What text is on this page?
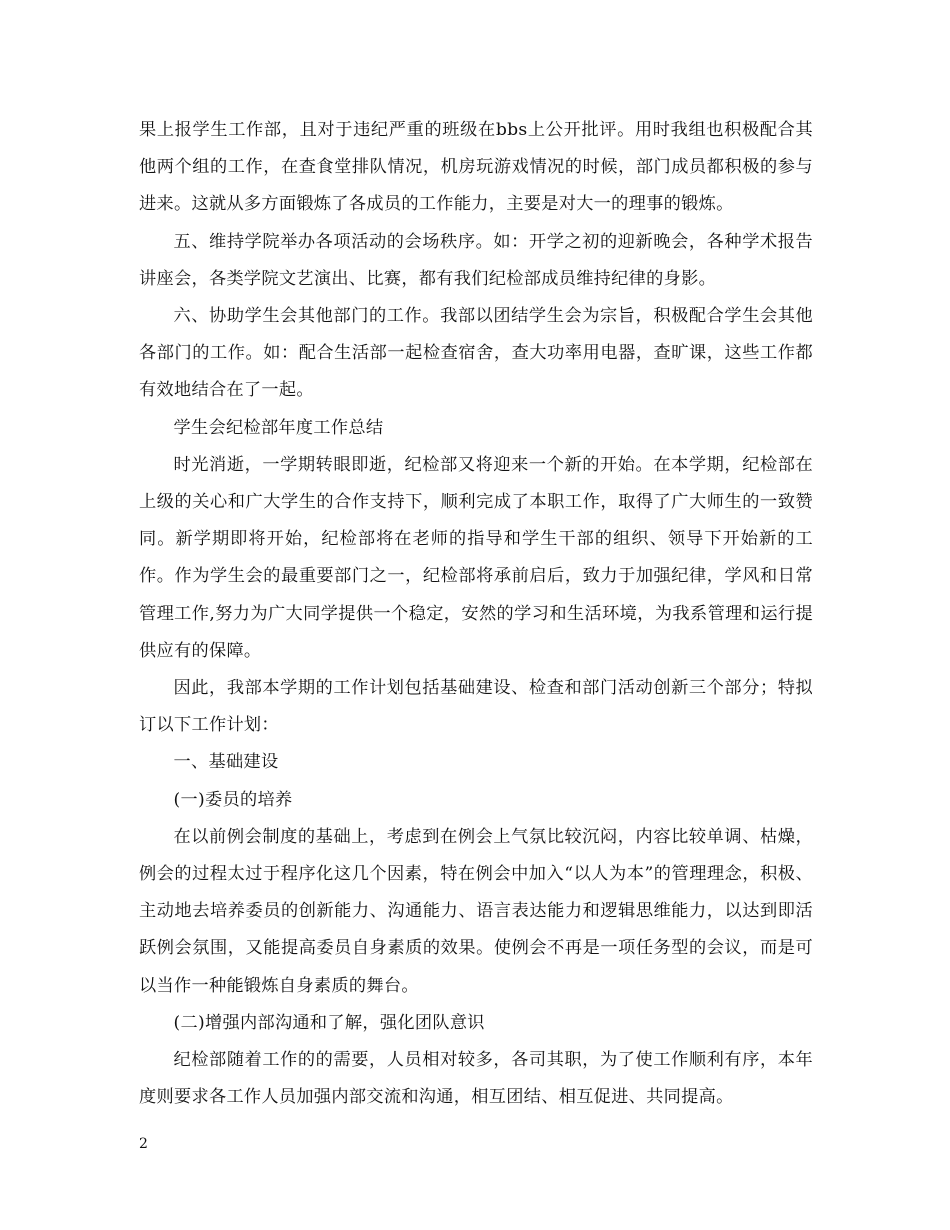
果上报学生工作部，且对于违纪严重的班级在bbs上公开批评。用时我组也积极配合其他两个组的工作，在查食堂排队情况，机房玩游戏情况的时候，部门成员都积极的参与进来。这就从多方面锻炼了各成员的工作能力，主要是对大一的理事的锻炼。

五、维持学院举办各项活动的会场秩序。如：开学之初的迎新晚会，各种学术报告讲座会，各类学院文艺演出、比赛，都有我们纪检部成员维持纪律的身影。

六、协助学生会其他部门的工作。我部以团结学生会为宗旨，积极配合学生会其他各部门的工作。如：配合生活部一起检查宿舍，查大功率用电器，查旷课，这些工作都有效地结合在了一起。

学生会纪检部年度工作总结

时光消逝，一学期转眼即逝，纪检部又将迎来一个新的开始。在本学期，纪检部在上级的关心和广大学生的合作支持下，顺利完成了本职工作，取得了广大师生的一致赞同。新学期即将开始，纪检部将在老师的指导和学生干部的组织、领导下开始新的工作。作为学生会的最重要部门之一，纪检部将承前启后，致力于加强纪律，学风和日常管理工作,努力为广大同学提供一个稳定，安然的学习和生活环境，为我系管理和运行提供应有的保障。

因此，我部本学期的工作计划包括基础建设、检查和部门活动创新三个部分；特拟订以下工作计划：

一、基础建设

(一)委员的培养

在以前例会制度的基础上，考虑到在例会上气氛比较沉闷，内容比较单调、枯燥，例会的过程太过于程序化这几个因素，特在例会中加入“以人为本”的管理理念，积极、主动地去培养委员的创新能力、沟通能力、语言表达能力和逻辑思维能力，以达到即活跃例会氛围，又能提高委员自身素质的效果。使例会不再是一项任务型的会议，而是可以当作一种能锻炼自身素质的舞台。

(二)增强内部沟通和了解，强化团队意识

纪检部随着工作的的需要，人员相对较多，各司其职，为了使工作顺利有序，本年度则要求各工作人员加强内部交流和沟通，相互团结、相互促进、共同提高。

2
